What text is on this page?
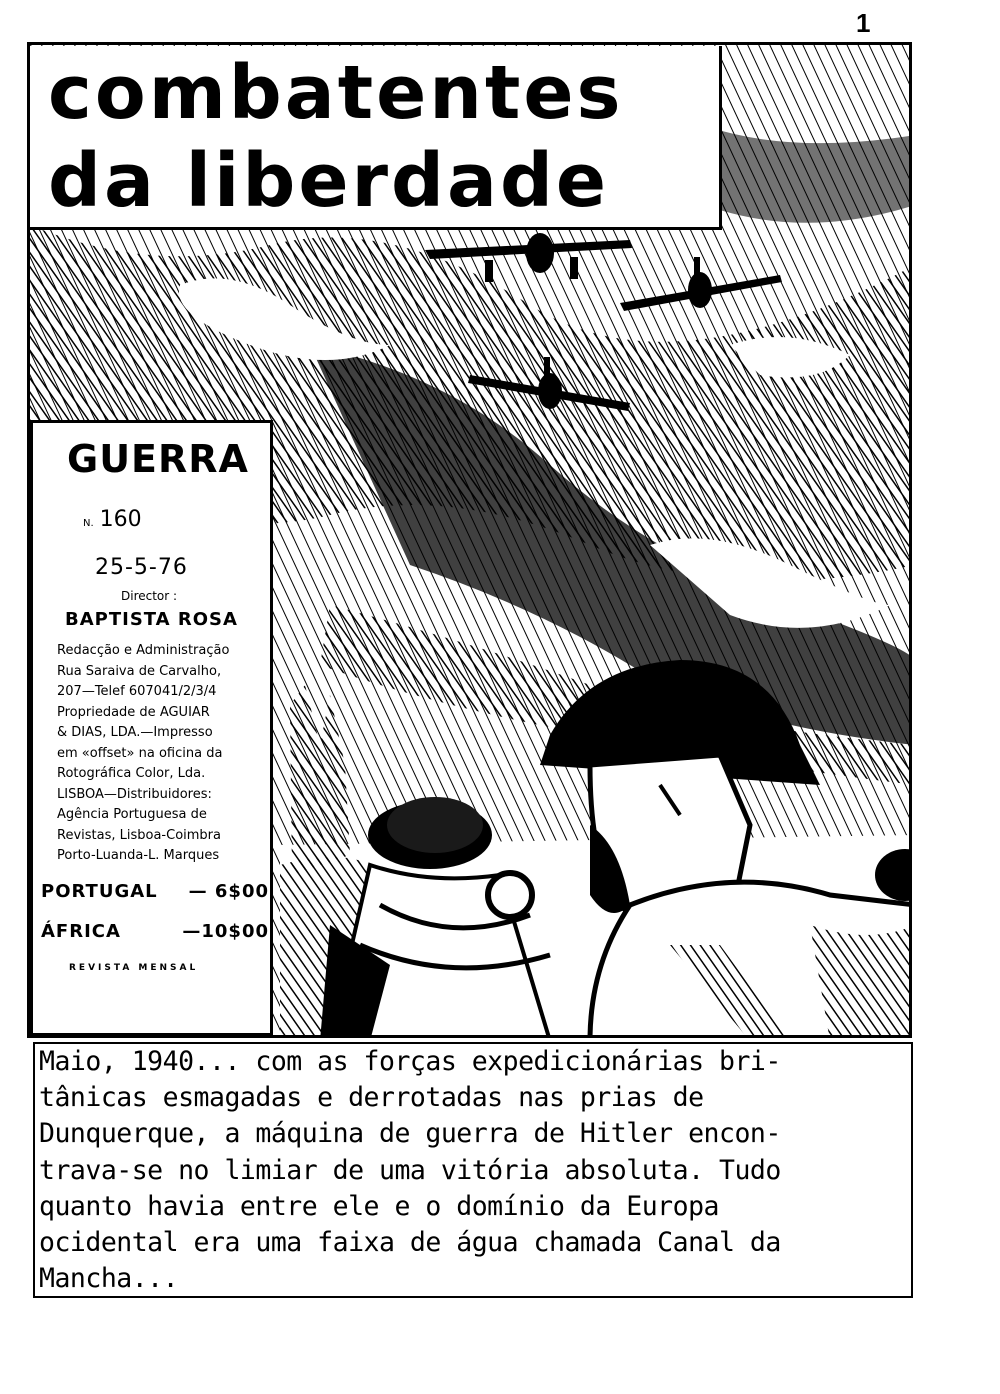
1
combatentes
da liberdade
GUERRA
N. 160
25-5-76
Director :
BAPTISTA ROSA
Redacção e Administração
Rua Saraiva de Carvalho,
207—Telef 607041/2/3/4
Propriedade de AGUIAR
& DIAS, LDA.—Impresso
em «offset» na oficina da
Rotográfica Color, Lda.
LISBOA—Distribuidores:
Agência Portuguesa de
Revistas, Lisboa-Coimbra
Porto-Luanda-L. Marques
PORTUGAL — 6$00
ÁFRICA	—10$00
REVISTA MENSAL

Maio, 1940... com as forças expedicionárias bri-
tânicas esmagadas e derrotadas nas prias de
Dunquerque, a máquina de guerra de Hitler encon-
trava-se no limiar de uma vitória absoluta. Tudo
quanto havia entre ele e o domínio da Europa
ocidental era uma faixa de água chamada Canal da
Mancha...
